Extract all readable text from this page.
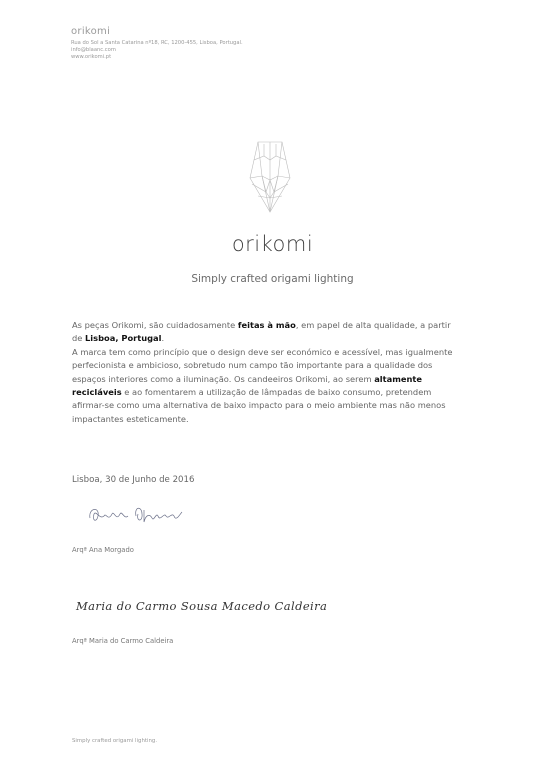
orikomi
Rua do Sol a Santa Catarina nº18, RC, 1200-455, Lisboa, Portugal.
info@blaanc.com
www.orikomi.pt
orikomi
Simply crafted origami lighting
As peças Orikomi, são cuidadosamente feitas à mão, em papel de alta qualidade, a partir
de Lisboa, Portugal.
A marca tem como princípio que o design deve ser económico e acessível, mas igualmente
perfecionista e ambicioso, sobretudo num campo tão importante para a qualidade dos
espaços interiores como a iluminação. Os candeeiros Orikomi, ao serem altamente
recicláveis e ao fomentarem a utilização de lâmpadas de baixo consumo, pretendem
afirmar-se como uma alternativa de baixo impacto para o meio ambiente mas não menos
impactantes esteticamente.
Lisboa, 30 de Junho de 2016
Arqª Ana Morgado
Maria do Carmo Sousa Macedo Caldeira
Arqª Maria do Carmo Caldeira
Simply crafted origami lighting.
